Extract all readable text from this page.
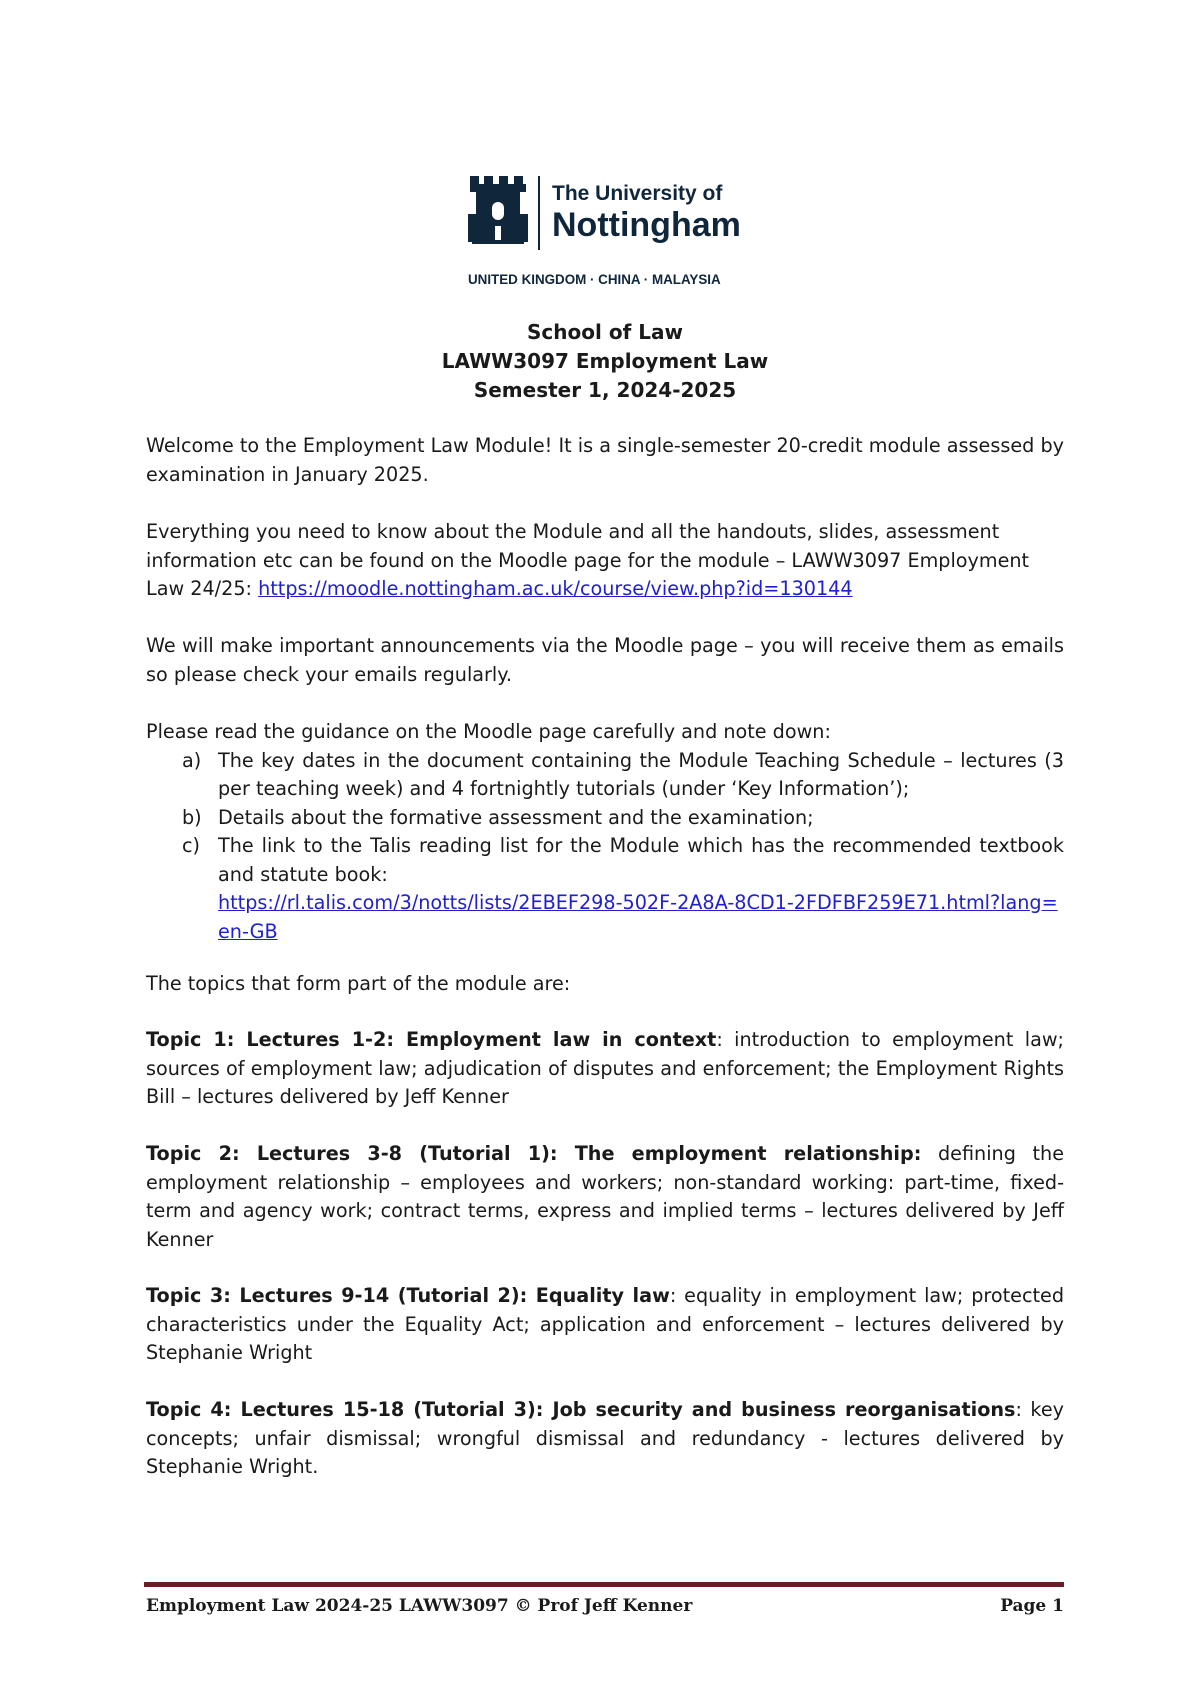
The University of
Nottingham
UNITED KINGDOM · CHINA · MALAYSIA
School of Law
LAWW3097 Employment Law
Semester 1, 2024-2025

Welcome to the Employment Law Module! It is a single-semester 20-credit module assessed by examination in January 2025.

Everything you need to know about the Module and all the handouts, slides, assessment information etc can be found on the Moodle page for the module – LAWW3097 Employment Law 24/25: https://moodle.nottingham.ac.uk/course/view.php?id=130144

We will make important announcements via the Moodle page – you will receive them as emails so please check your emails regularly.

Please read the guidance on the Moodle page carefully and note down:

a) The key dates in the document containing the Module Teaching Schedule – lectures (3 per teaching week) and 4 fortnightly tutorials (under ‘Key Information’);
b) Details about the formative assessment and the examination;
c) The link to the Talis reading list for the Module which has the recommended textbook and statute book:
https://rl.talis.com/3/notts/lists/2EBEF298-502F-2A8A-8CD1-2FDFBF259E71.html?lang=en-GB

The topics that form part of the module are:

Topic 1: Lectures 1-2: Employment law in context: introduction to employment law; sources of employment law; adjudication of disputes and enforcement; the Employment Rights Bill – lectures delivered by Jeff Kenner

Topic 2: Lectures 3-8 (Tutorial 1): The employment relationship: defining the employment relationship – employees and workers; non-standard working: part-time, fixed-term and agency work; contract terms, express and implied terms – lectures delivered by Jeff Kenner

Topic 3: Lectures 9-14 (Tutorial 2): Equality law: equality in employment law; protected characteristics under the Equality Act; application and enforcement – lectures delivered by Stephanie Wright

Topic 4: Lectures 15-18 (Tutorial 3): Job security and business reorganisations: key concepts; unfair dismissal; wrongful dismissal and redundancy - lectures delivered by Stephanie Wright.

Employment Law 2024-25 LAWW3097 © Prof Jeff Kenner	Page 1
